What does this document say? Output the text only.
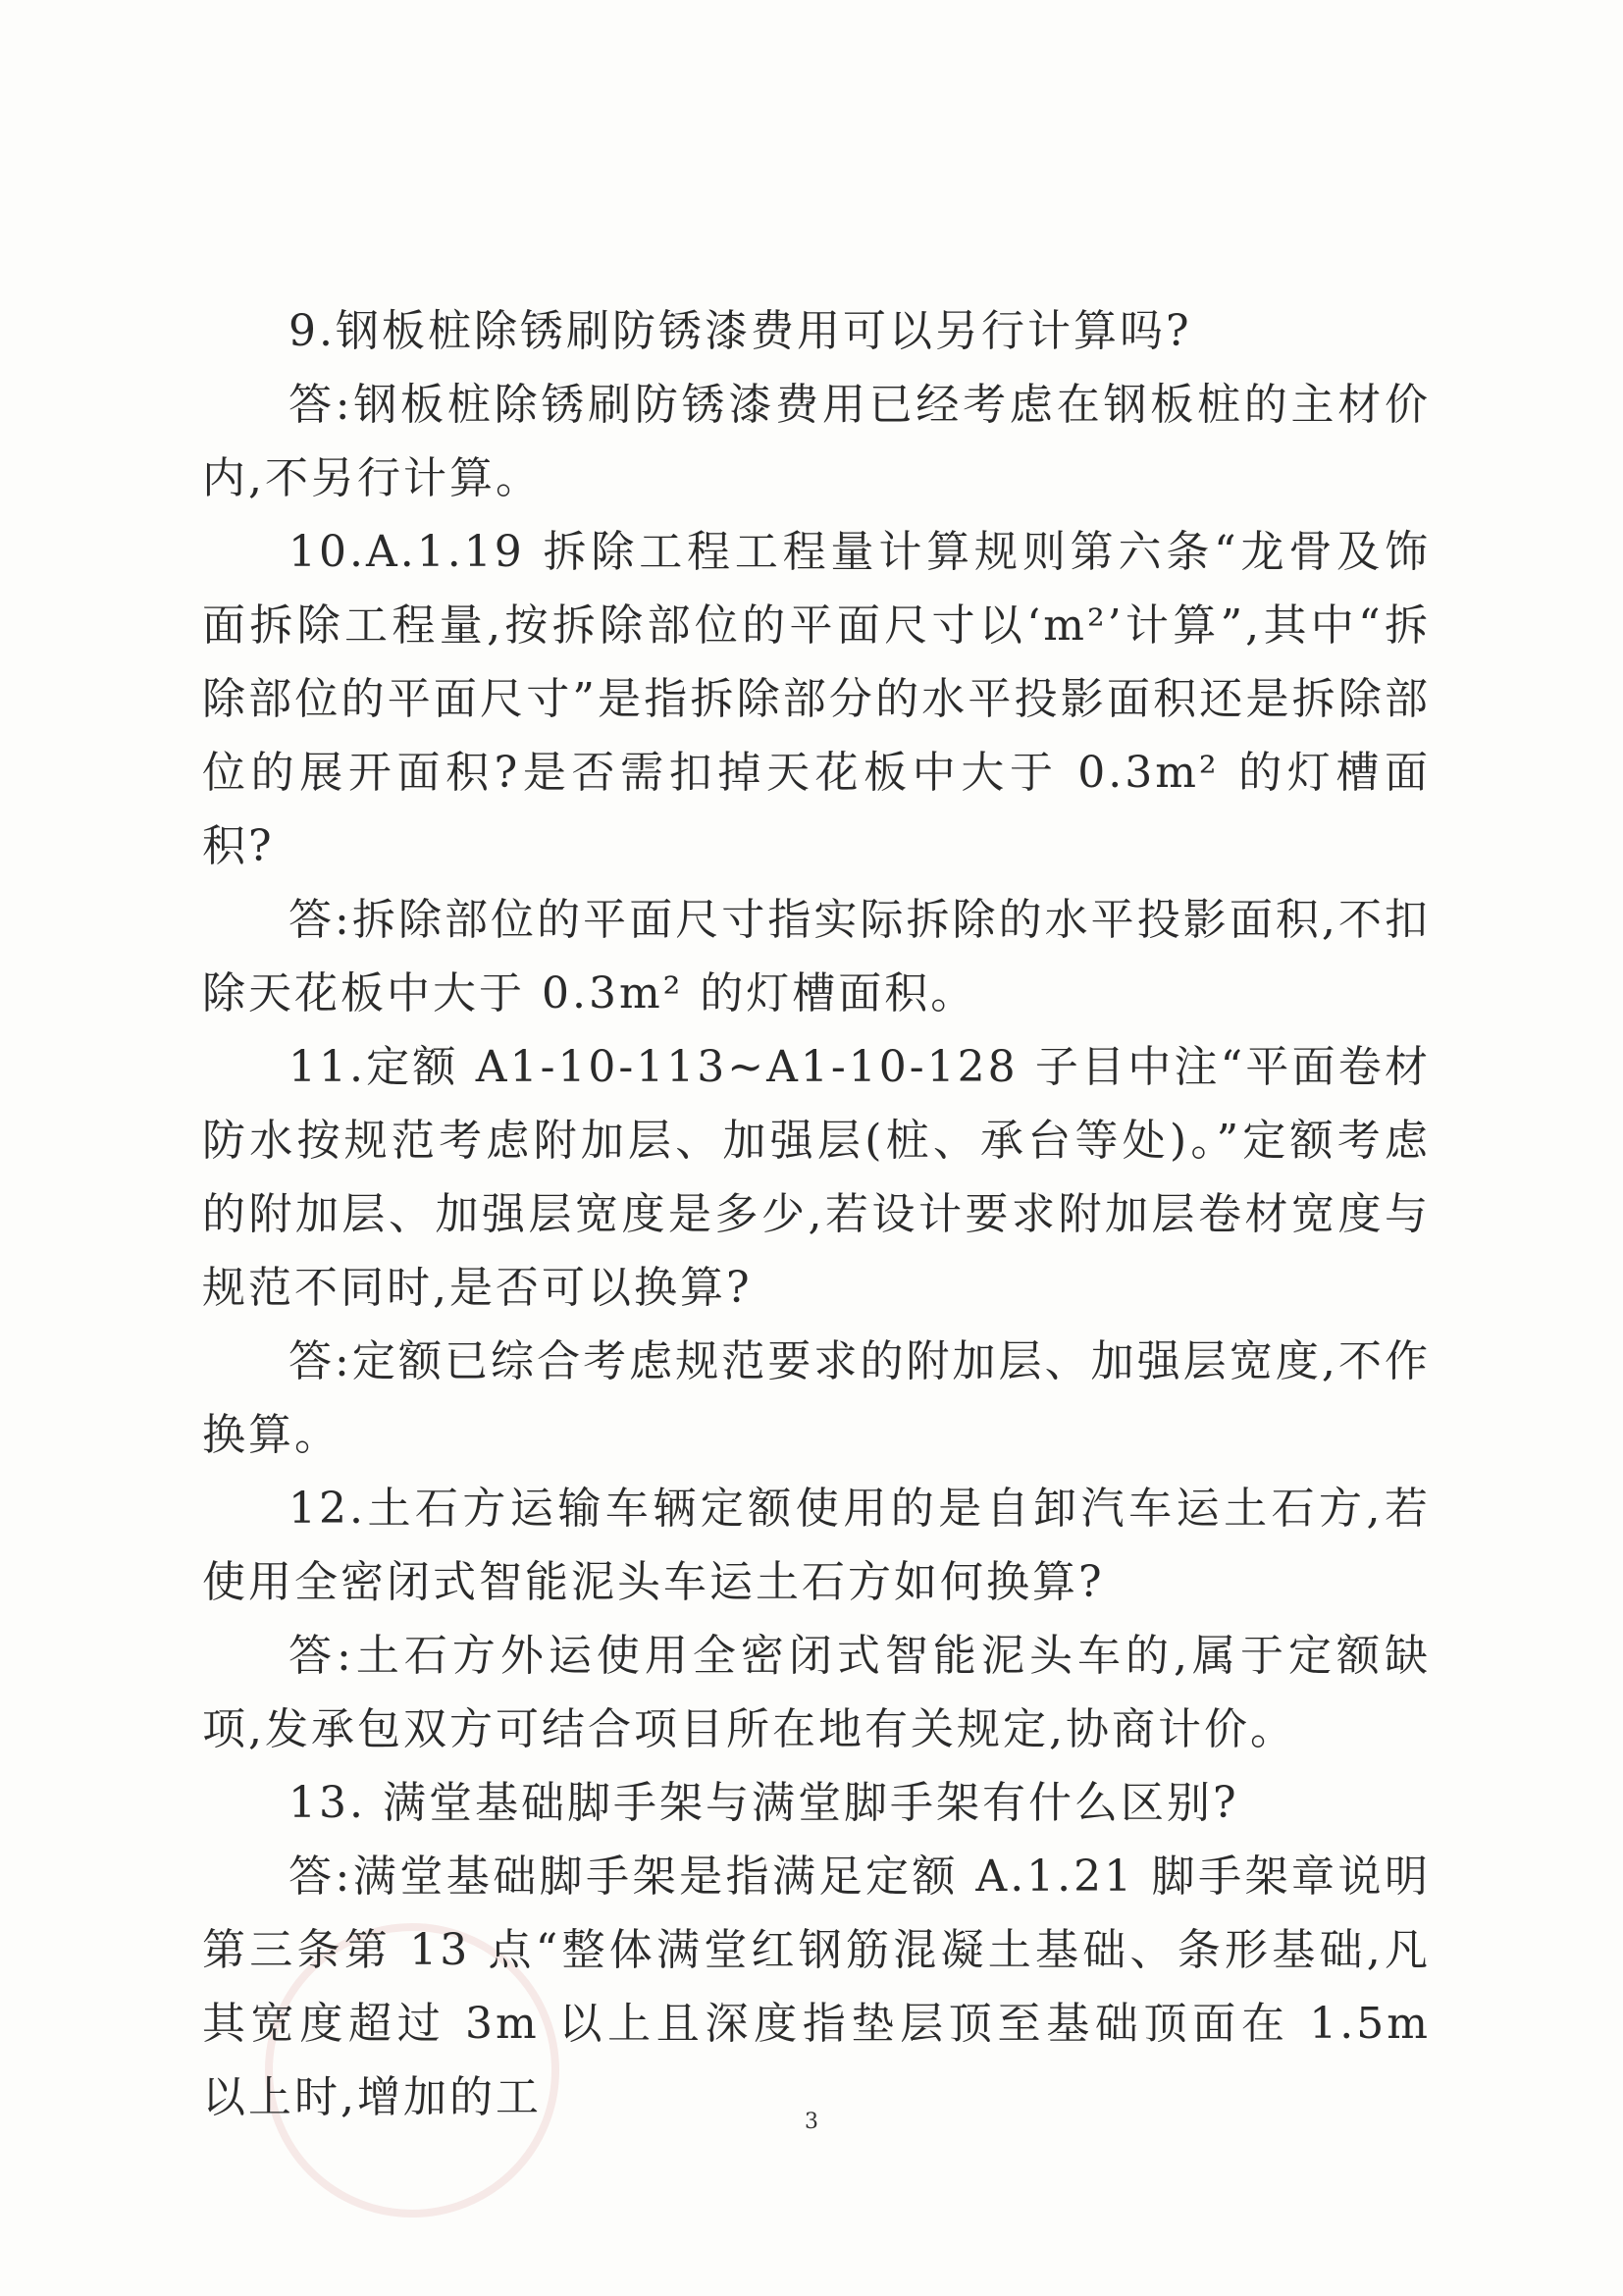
9.钢板桩除锈刷防锈漆费用可以另行计算吗?

答:钢板桩除锈刷防锈漆费用已经考虑在钢板桩的主材价内,不另行计算。

10.A.1.19 拆除工程工程量计算规则第六条“龙骨及饰面拆除工程量,按拆除部位的平面尺寸以‘m²’计算”,其中“拆除部位的平面尺寸”是指拆除部分的水平投影面积还是拆除部位的展开面积?是否需扣掉天花板中大于 0.3m² 的灯槽面积?

答:拆除部位的平面尺寸指实际拆除的水平投影面积,不扣除天花板中大于 0.3m² 的灯槽面积。

11.定额 A1-10-113~A1-10-128 子目中注“平面卷材防水按规范考虑附加层、加强层(桩、承台等处)。”定额考虑的附加层、加强层宽度是多少,若设计要求附加层卷材宽度与规范不同时,是否可以换算?

答:定额已综合考虑规范要求的附加层、加强层宽度,不作换算。

12.土石方运输车辆定额使用的是自卸汽车运土石方,若使用全密闭式智能泥头车运土石方如何换算?

答:土石方外运使用全密闭式智能泥头车的,属于定额缺项,发承包双方可结合项目所在地有关规定,协商计价。

13. 满堂基础脚手架与满堂脚手架有什么区别?

答:满堂基础脚手架是指满足定额 A.1.21 脚手架章说明第三条第 13 点“整体满堂红钢筋混凝土基础、条形基础,凡其宽度超过 3m 以上且深度指垫层顶至基础顶面在 1.5m 以上时,增加的工	3
